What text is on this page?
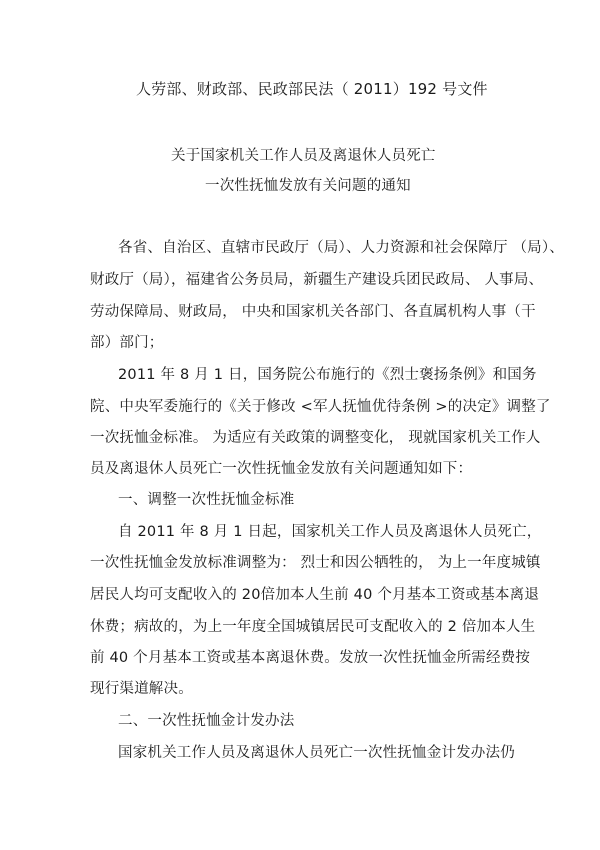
人劳部、财政部、民政部民法（ 2011）192 号文件
关于国家机关工作人员及离退休人员死亡
一次性抚恤发放有关问题的通知
各省、自治区、直辖市民政厅（局）、人力资源和社会保障厅 （局）、
财政厅（局），福建省公务员局，新疆生产建设兵团民政局、 人事局、
劳动保障局、财政局， 中央和国家机关各部门、各直属机构人事（干
部）部门；
2011 年 8 月 1 日，国务院公布施行的《烈士褒扬条例》和国务
院、中央军委施行的《关于修改 <军人抚恤优待条例 >的决定》调整了
一次抚恤金标准。 为适应有关政策的调整变化， 现就国家机关工作人
员及离退休人员死亡一次性抚恤金发放有关问题通知如下：
一、调整一次性抚恤金标准
自 2011 年 8 月 1 日起，国家机关工作人员及离退休人员死亡，
一次性抚恤金发放标准调整为： 烈士和因公牺牲的， 为上一年度城镇
居民人均可支配收入的 20倍加本人生前 40 个月基本工资或基本离退
休费；病故的，为上一年度全国城镇居民可支配收入的 2 倍加本人生
前 40 个月基本工资或基本离退休费。发放一次性抚恤金所需经费按
现行渠道解决。
二、一次性抚恤金计发办法
国家机关工作人员及离退休人员死亡一次性抚恤金计发办法仍
